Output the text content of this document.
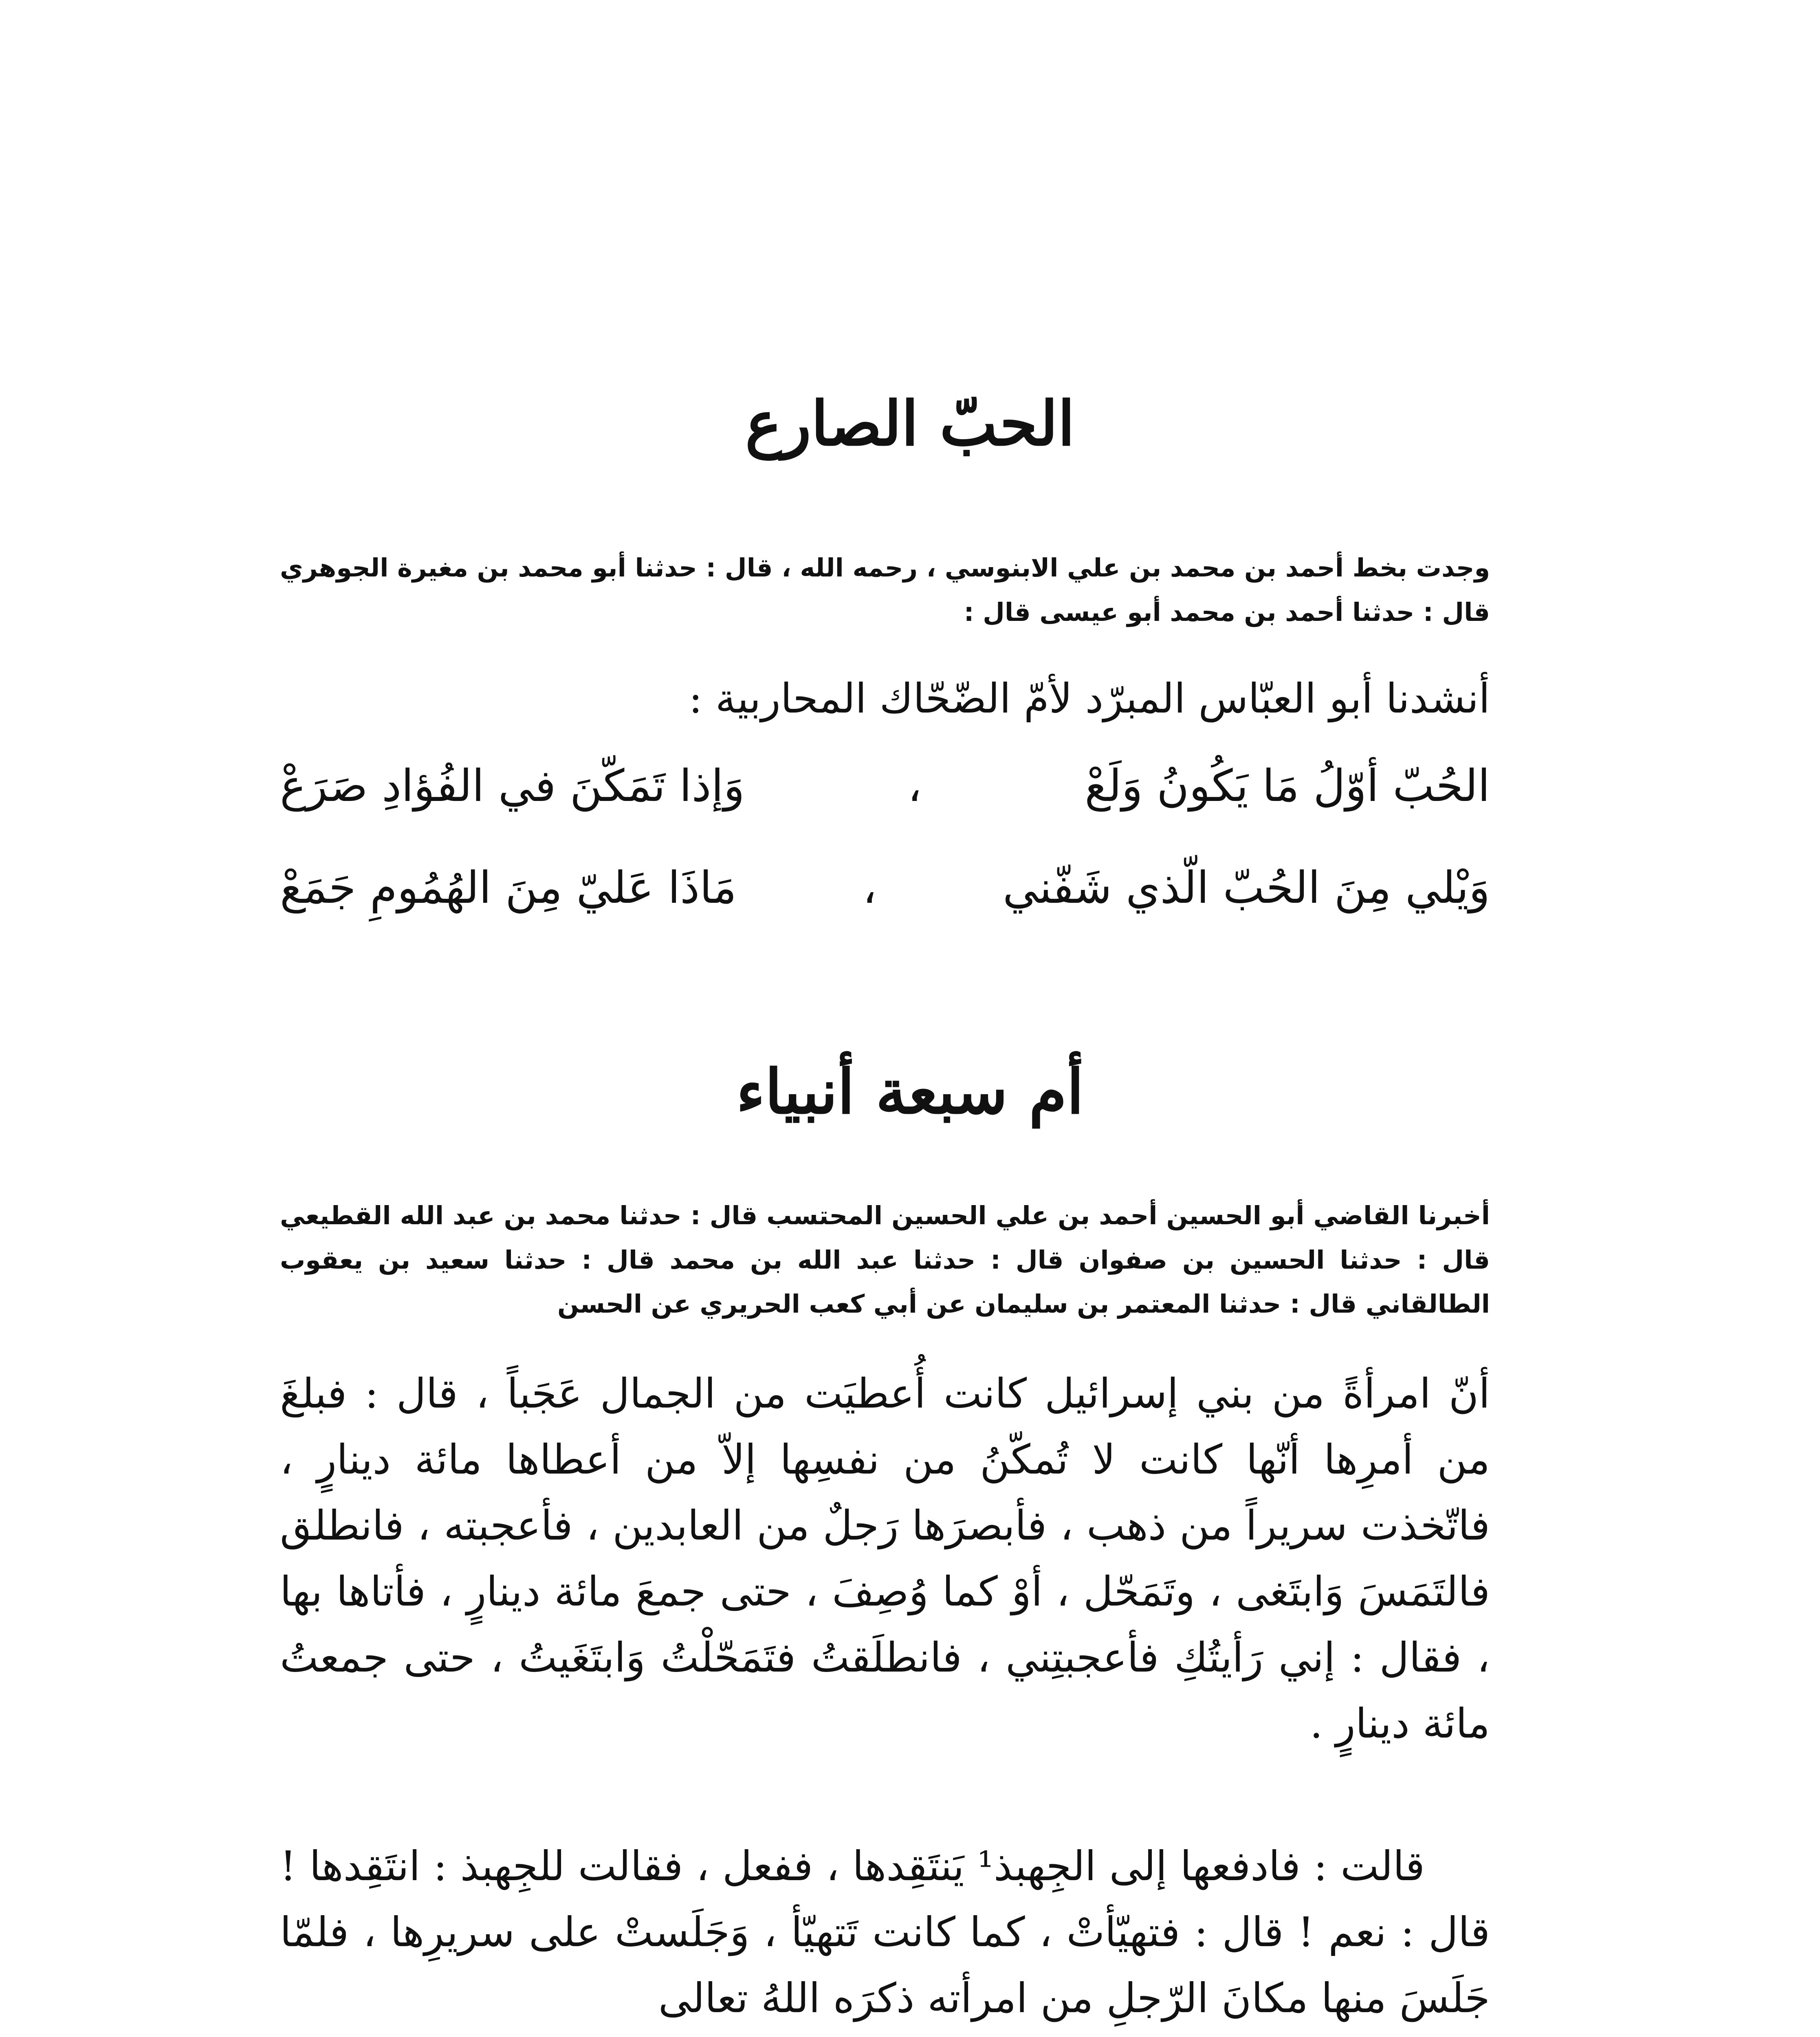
الحبّ الصارع
وجدت بخط أحمد بن محمد بن علي الابنوسي ، رحمه الله ، قال : حدثنا أبو محمد بن مغيرة الجوهري قال : حدثنا أحمد بن محمد أبو عيسى قال :
أنشدنا أبو العبّاس المبرّد لأمّ الضّحّاك المحاربية :
الحُبّ أوّلُ مَا يَكُونُ وَلَعْ
،
وَإذا تَمَكّنَ في الفُؤادِ صَرَعْ
وَيْلي مِنَ الحُبّ الّذي شَفّني
،
مَاذَا عَليّ مِنَ الهُمُومِ جَمَعْ
أم سبعة أنبياء
أخبرنا القاضي أبو الحسين أحمد بن علي الحسين المحتسب قال : حدثنا محمد بن عبد الله القطيعي قال : حدثنا الحسين بن صفوان قال : حدثنا عبد الله بن محمد قال : حدثنا سعيد بن يعقوب الطالقاني قال : حدثنا المعتمر بن سليمان عن أبي كعب الحريري عن الحسن

أنّ امرأةً من بني إسرائيل كانت أُعطيَت من الجمال عَجَباً ، قال : فبلغَ من أمرِها أنّها كانت لا تُمكّنُ من نفسِها إلاّ من أعطاها مائة دينارٍ ، فاتّخذت سريراً من ذهب ، فأبصرَها رَجلٌ من العابدين ، فأعجبته ، فانطلق فالتَمَسَ وَابتَغى ، وتَمَحّل ، أوْ كما وُصِفَ ، حتى جمعَ مائة دينارٍ ، فأتاها بها ، فقال : إني رَأيتُكِ فأعجبتِني ، فانطلَقتُ فتَمَحّلْتُ وَابتَغَيتُ ، حتى جمعتُ مائة دينارٍ .

قالت : فادفعها إلى الجِهبذ¹ يَنتَقِدها ، ففعل ، فقالت للجِهبذ : انتَقِدها ! قال : نعم ! قال : فتهيّأتْ ، كما كانت تَتهيّأ ، وَجَلَستْ على سريرِها ، فلمّا جَلَسَ منها مكانَ الرّجلِ من امرأته ذكرَه اللهُ تعالى
